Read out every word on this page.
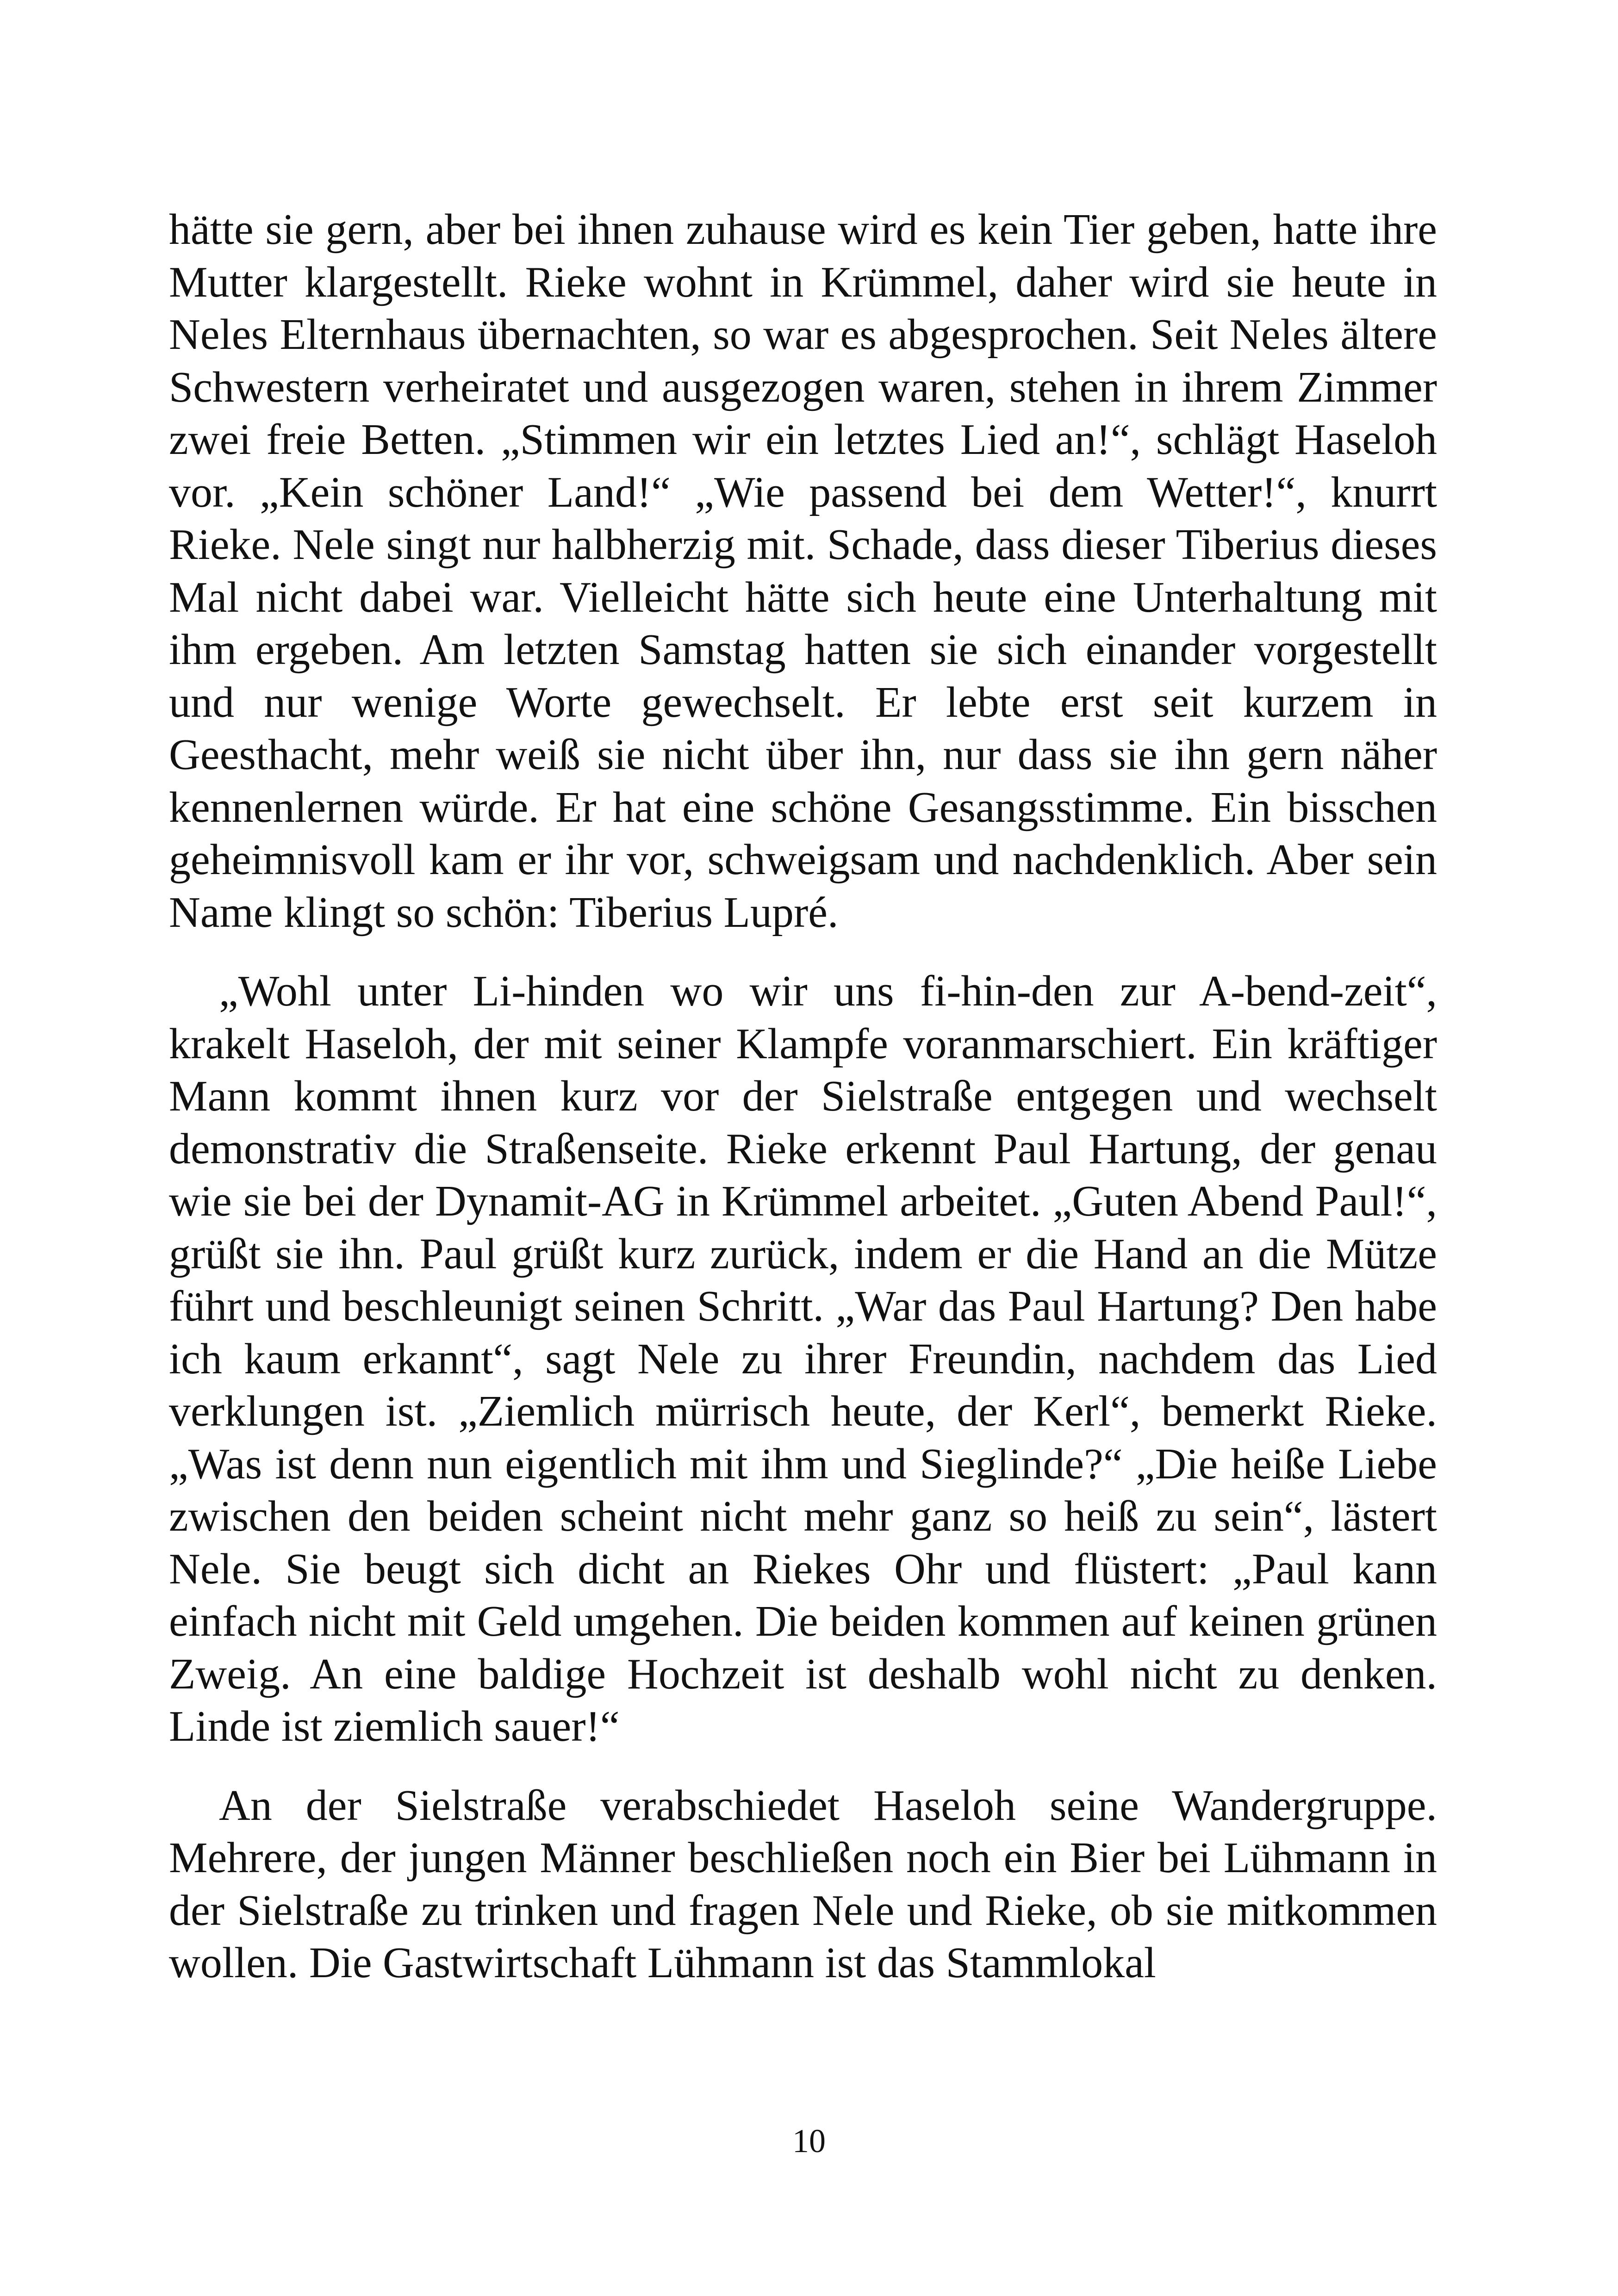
hätte sie gern, aber bei ihnen zuhause wird es kein Tier geben, hatte ihre Mutter klargestellt. Rieke wohnt in Krümmel, daher wird sie heute in Neles Elternhaus übernachten, so war es abgesprochen. Seit Neles ältere Schwestern verheiratet und ausgezogen waren, stehen in ihrem Zimmer zwei freie Betten. „Stimmen wir ein letztes Lied an!“, schlägt Haseloh vor. „Kein schöner Land!“ „Wie passend bei dem Wetter!“, knurrt Rieke. Nele singt nur halbherzig mit. Schade, dass dieser Tiberius dieses Mal nicht dabei war. Vielleicht hätte sich heute eine Unterhaltung mit ihm ergeben. Am letzten Samstag hatten sie sich einander vorgestellt und nur wenige Worte gewechselt. Er lebte erst seit kurzem in Geesthacht, mehr weiß sie nicht über ihn, nur dass sie ihn gern näher kennenlernen würde. Er hat eine schöne Gesangsstimme. Ein bisschen geheimnisvoll kam er ihr vor, schweigsam und nachdenklich. Aber sein Name klingt so schön: Tiberius Lupré.

„Wohl unter Li-hinden wo wir uns fi-hin-den zur A-bend-zeit“, krakelt Haseloh, der mit seiner Klampfe voranmarschiert. Ein kräftiger Mann kommt ihnen kurz vor der Sielstraße entgegen und wechselt demonstrativ die Straßenseite. Rieke erkennt Paul Hartung, der genau wie sie bei der Dynamit-AG in Krümmel arbeitet. „Guten Abend Paul!“, grüßt sie ihn. Paul grüßt kurz zurück, indem er die Hand an die Mütze führt und beschleunigt seinen Schritt. „War das Paul Hartung? Den habe ich kaum erkannt“, sagt Nele zu ihrer Freundin, nachdem das Lied verklungen ist. „Ziemlich mürrisch heute, der Kerl“, bemerkt Rieke. „Was ist denn nun eigentlich mit ihm und Sieglinde?“ „Die heiße Liebe zwischen den beiden scheint nicht mehr ganz so heiß zu sein“, lästert Nele. Sie beugt sich dicht an Riekes Ohr und flüstert: „Paul kann einfach nicht mit Geld umgehen. Die beiden kommen auf keinen grünen Zweig. An eine baldige Hochzeit ist deshalb wohl nicht zu denken. Linde ist ziemlich sauer!“

An der Sielstraße verabschiedet Haseloh seine Wandergruppe. Mehrere, der jungen Männer beschließen noch ein Bier bei Lühmann in der Sielstraße zu trinken und fragen Nele und Rieke, ob sie mitkommen wollen. Die Gastwirtschaft Lühmann ist das Stammlokal

10
